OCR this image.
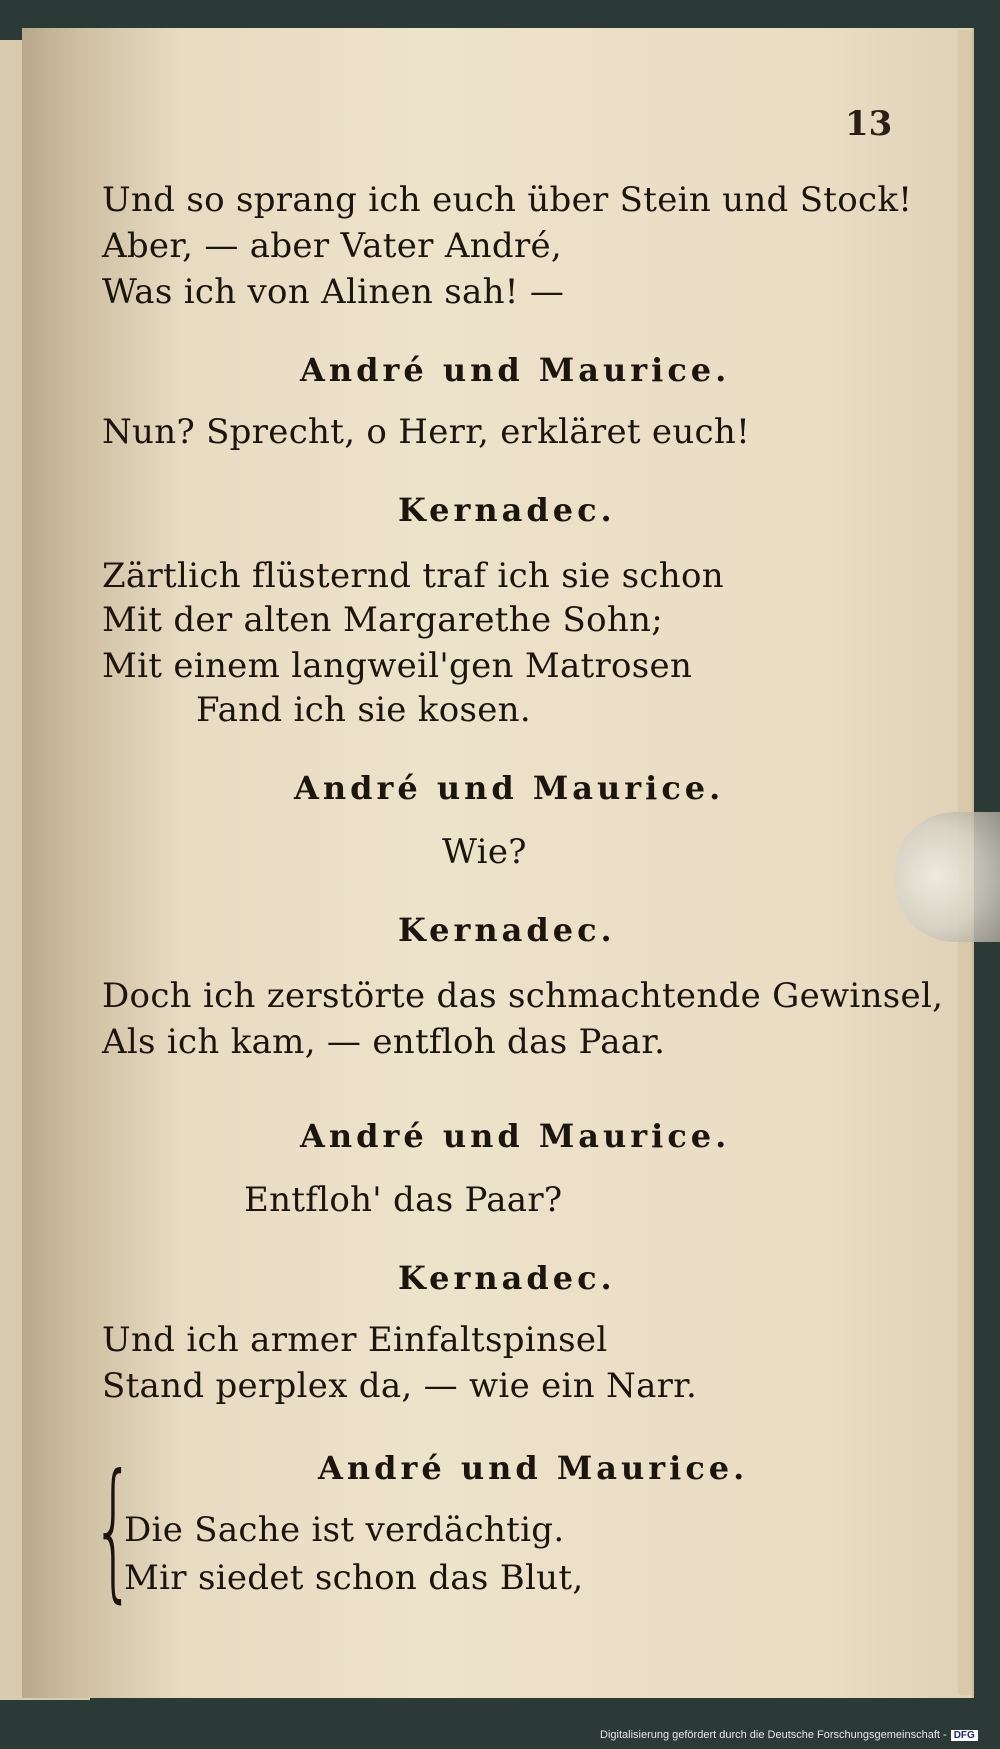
13
Und so sprang ich euch über Stein und Stock!
Aber, — aber Vater André,
Was ich von Alinen sah! —
André und Maurice.
Nun? Sprecht, o Herr, erkläret euch!
Kernadec.
Zärtlich flüsternd traf ich sie schon
Mit der alten Margarethe Sohn;
Mit einem langweil'gen Matrosen
Fand ich sie kosen.
André und Maurice.
Wie?
Kernadec.
Doch ich zerstörte das schmachtende Gewinsel,
Als ich kam, — entfloh das Paar.
André und Maurice.
Entfloh' das Paar?
Kernadec.
Und ich armer Einfaltspinsel
Stand perplex da, — wie ein Narr.
{	André und Maurice.
Die Sache ist verdächtig.
Mir siedet schon das Blut,
Digitalisierung gefördert durch die Deutsche Forschungsgemeinschaft - DFG
